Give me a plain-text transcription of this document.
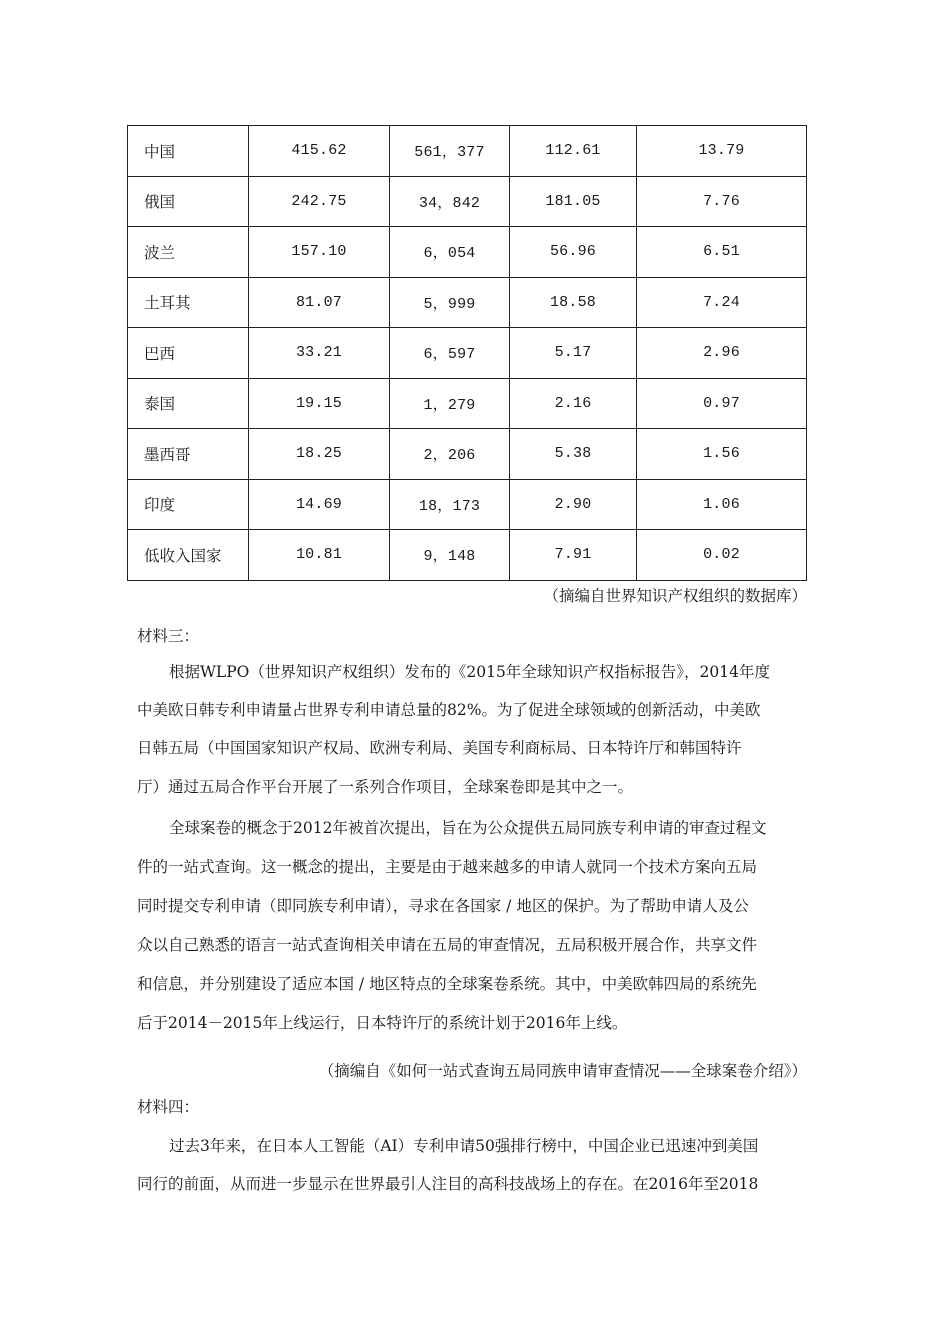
中国	415.62	561，377	112.61	13.79
俄国	242.75	34，842	181.05	7.76
波兰	157.10	6，054	56.96	6.51
土耳其	81.07	5，999	18.58	7.24
巴西	33.21	6，597	5.17	2.96
泰国	19.15	1，279	2.16	0.97
墨西哥	18.25	2，206	5.38	1.56
印度	14.69	18，173	2.90	1.06
低收入国家	10.81	9，148	7.91	0.02
（摘编自世界知识产权组织的数据库）
材料三：
根据WLPO（世界知识产权组织）发布的《2015年全球知识产权指标报告》，2014年度
中美欧日韩专利申请量占世界专利申请总量的82%。为了促进全球领域的创新活动，中美欧
日韩五局（中国国家知识产权局、欧洲专利局、美国专利商标局、日本特许厅和韩国特许
厅）通过五局合作平台开展了一系列合作项目，全球案卷即是其中之一。
全球案卷的概念于2012年被首次提出，旨在为公众提供五局同族专利申请的审查过程文
件的一站式查询。这一概念的提出，主要是由于越来越多的申请人就同一个技术方案向五局
同时提交专利申请（即同族专利申请），寻求在各国家 / 地区的保护。为了帮助申请人及公
众以自己熟悉的语言一站式查询相关申请在五局的审查情况，五局积极开展合作，共享文件
和信息，并分别建设了适应本国 / 地区特点的全球案卷系统。其中，中美欧韩四局的系统先
后于2014－2015年上线运行，日本特许厅的系统计划于2016年上线。
（摘编自《如何一站式查询五局同族申请审查情况——全球案卷介绍》）
材料四：
过去3年来，在日本人工智能（AI）专利申请50强排行榜中，中国企业已迅速冲到美国
同行的前面，从而进一步显示在世界最引人注目的高科技战场上的存在。在2016年至2018
